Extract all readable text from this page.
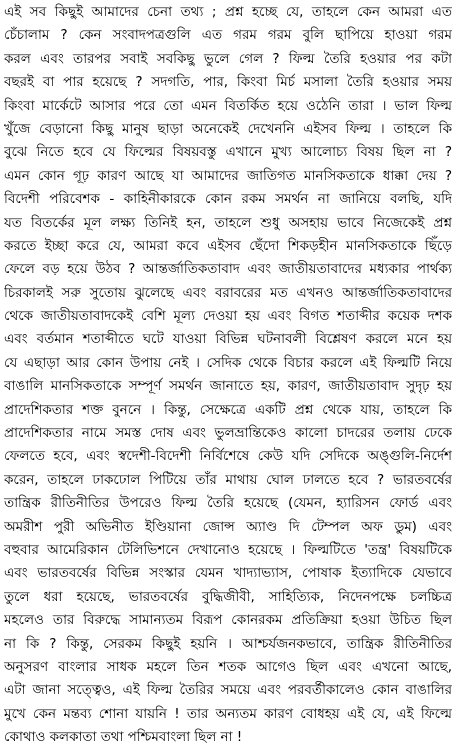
এই সব কিছুই আমাদের চেনা তথ্য ; প্রশ্ন হচ্ছে যে, তাহলে কেন আমরা এত
চেঁচালাম ? কেন সংবাদপত্রগুলি এত গরম গরম বুলি ছাপিয়ে হাওয়া গরম
করল এবং তারপর সবাই সবকিছু ভুলে গেল ? ফিল্ম তৈরি হওয়ার পর কটা
বছরই বা পার হয়েছে ? সদগতি, পার, কিংবা মির্চ মসালা তৈরি হওয়ার সময়
কিংবা মার্কেটে আসার পরে তো এমন বিতর্কিত হয়ে ওঠেনি তারা । ভাল ফিল্ম
খুঁজে বেড়ানো কিছু মানুষ ছাড়া অনেকেই দেখেননি এইসব ফিল্ম । তাহলে কি
বুঝে নিতে হবে যে ফিল্মের বিষয়বস্তু এখানে মুখ্য আলোচ্য বিষয় ছিল না ?
এমন কোন গূঢ় কারণ আছে যা আমাদের জাতিগত মানসিকতাকে ধাক্কা দেয় ?
বিদেশী পরিবেশক - কাহিনীকারকে কোন রকম সমর্থন না জানিয়ে বলছি, যদি
যত বিতর্কের মূল লক্ষ্য তিনিই হন, তাহলে শুধু অসহায় ভাবে নিজেকেই প্রশ্ন
করতে ইচ্ছা করে যে, আমরা কবে এইসব ছেঁদো শিকড়হীন মানসিকতাকে ছিঁড়ে
ফেলে বড় হয়ে উঠব ? আন্তর্জাতিকতাবাদ এবং জাতীয়তাবাদের মধ্যকার পার্থক্য
চিরকালই সরু সুতোয় ঝুলেছে এবং বরাবরের মত এখনও আন্তর্জাতিকতাবাদের
থেকে জাতীয়তাবাদকেই বেশি মূল্য দেওয়া হয় এবং বিগত শতাব্দীর কয়েক দশক
এবং বর্তমান শতাব্দীতে ঘটে যাওয়া বিভিন্ন ঘটনাবলী বিশ্লেষণ করলে মনে হয়
যে এছাড়া আর কোন উপায় নেই । সেদিক থেকে বিচার করলে এই ফিল্মটি নিয়ে
বাঙালি মানসিকতাকে সম্পূর্ণ সমর্থন জানাতে হয়, কারণ, জাতীয়তাবাদ সুদৃঢ় হয়
প্রাদেশিকতার শক্ত বুননে । কিন্তু, সেক্ষেত্রে একটি প্রশ্ন থেকে যায়, তাহলে কি
প্রাদেশিকতার নামে সমস্ত দোষ এবং ভুলভ্রান্তিকেও কালো চাদরের তলায় ঢেকে
ফেলতে হবে, এবং স্বদেশী-বিদেশী নির্বিশেষে কেউ যদি সেদিকে অঙ্গুলি-নির্দেশ
করেন, তাহলে ঢাকঢোল পিটিয়ে তাঁর মাথায় ঘোল ঢালতে হবে ? ভারতবর্ষের
তান্ত্রিক রীতিনীতির উপরেও ফিল্ম তৈরি হয়েছে (যেমন, হ্যারিসন ফোর্ড এবং
অমরীশ পুরী অভিনীত ইণ্ডিয়ানা জোন্স অ্যাণ্ড দি টেম্পল অফ ডুম) এবং
বহুবার আমেরিকান টেলিভিশনে দেখানোও হয়েছে । ফিল্মটিতে 'তন্ত্র' বিষয়টিকে
এবং ভারতবর্ষের বিভিন্ন সংস্কার যেমন খাদ্যাভ্যাস, পোষাক ইত্যাদিকে যেভাবে
তুলে ধরা হয়েছে, ভারতবর্ষের বুদ্ধিজীবী, সাহিত্যিক, নিদেনপক্ষে চলচ্চিত্র
মহলেও তার বিরুদ্ধে সামান্যতম বিরূপ কোনরকম প্রতিক্রিয়া হওয়া উচিত ছিল
না কি ? কিন্তু, সেরকম কিছুই হয়নি । আশ্চর্যজনকভাবে, তান্ত্রিক রীতিনীতির
অনুসরণ বাংলার সাধক মহলে তিন শতক আগেও ছিল এবং এখনো আছে,
এটা জানা সত্ত্বেও, এই ফিল্ম তৈরির সময়ে এবং পরবর্তীকালেও কোন বাঙালির
মুখে কেন মন্তব্য শোনা যায়নি ! তার অন্যতম কারণ বোধহয় এই যে, এই ফিল্মে
কোথাও কলকাতা তথা পশ্চিমবাংলা ছিল না !
